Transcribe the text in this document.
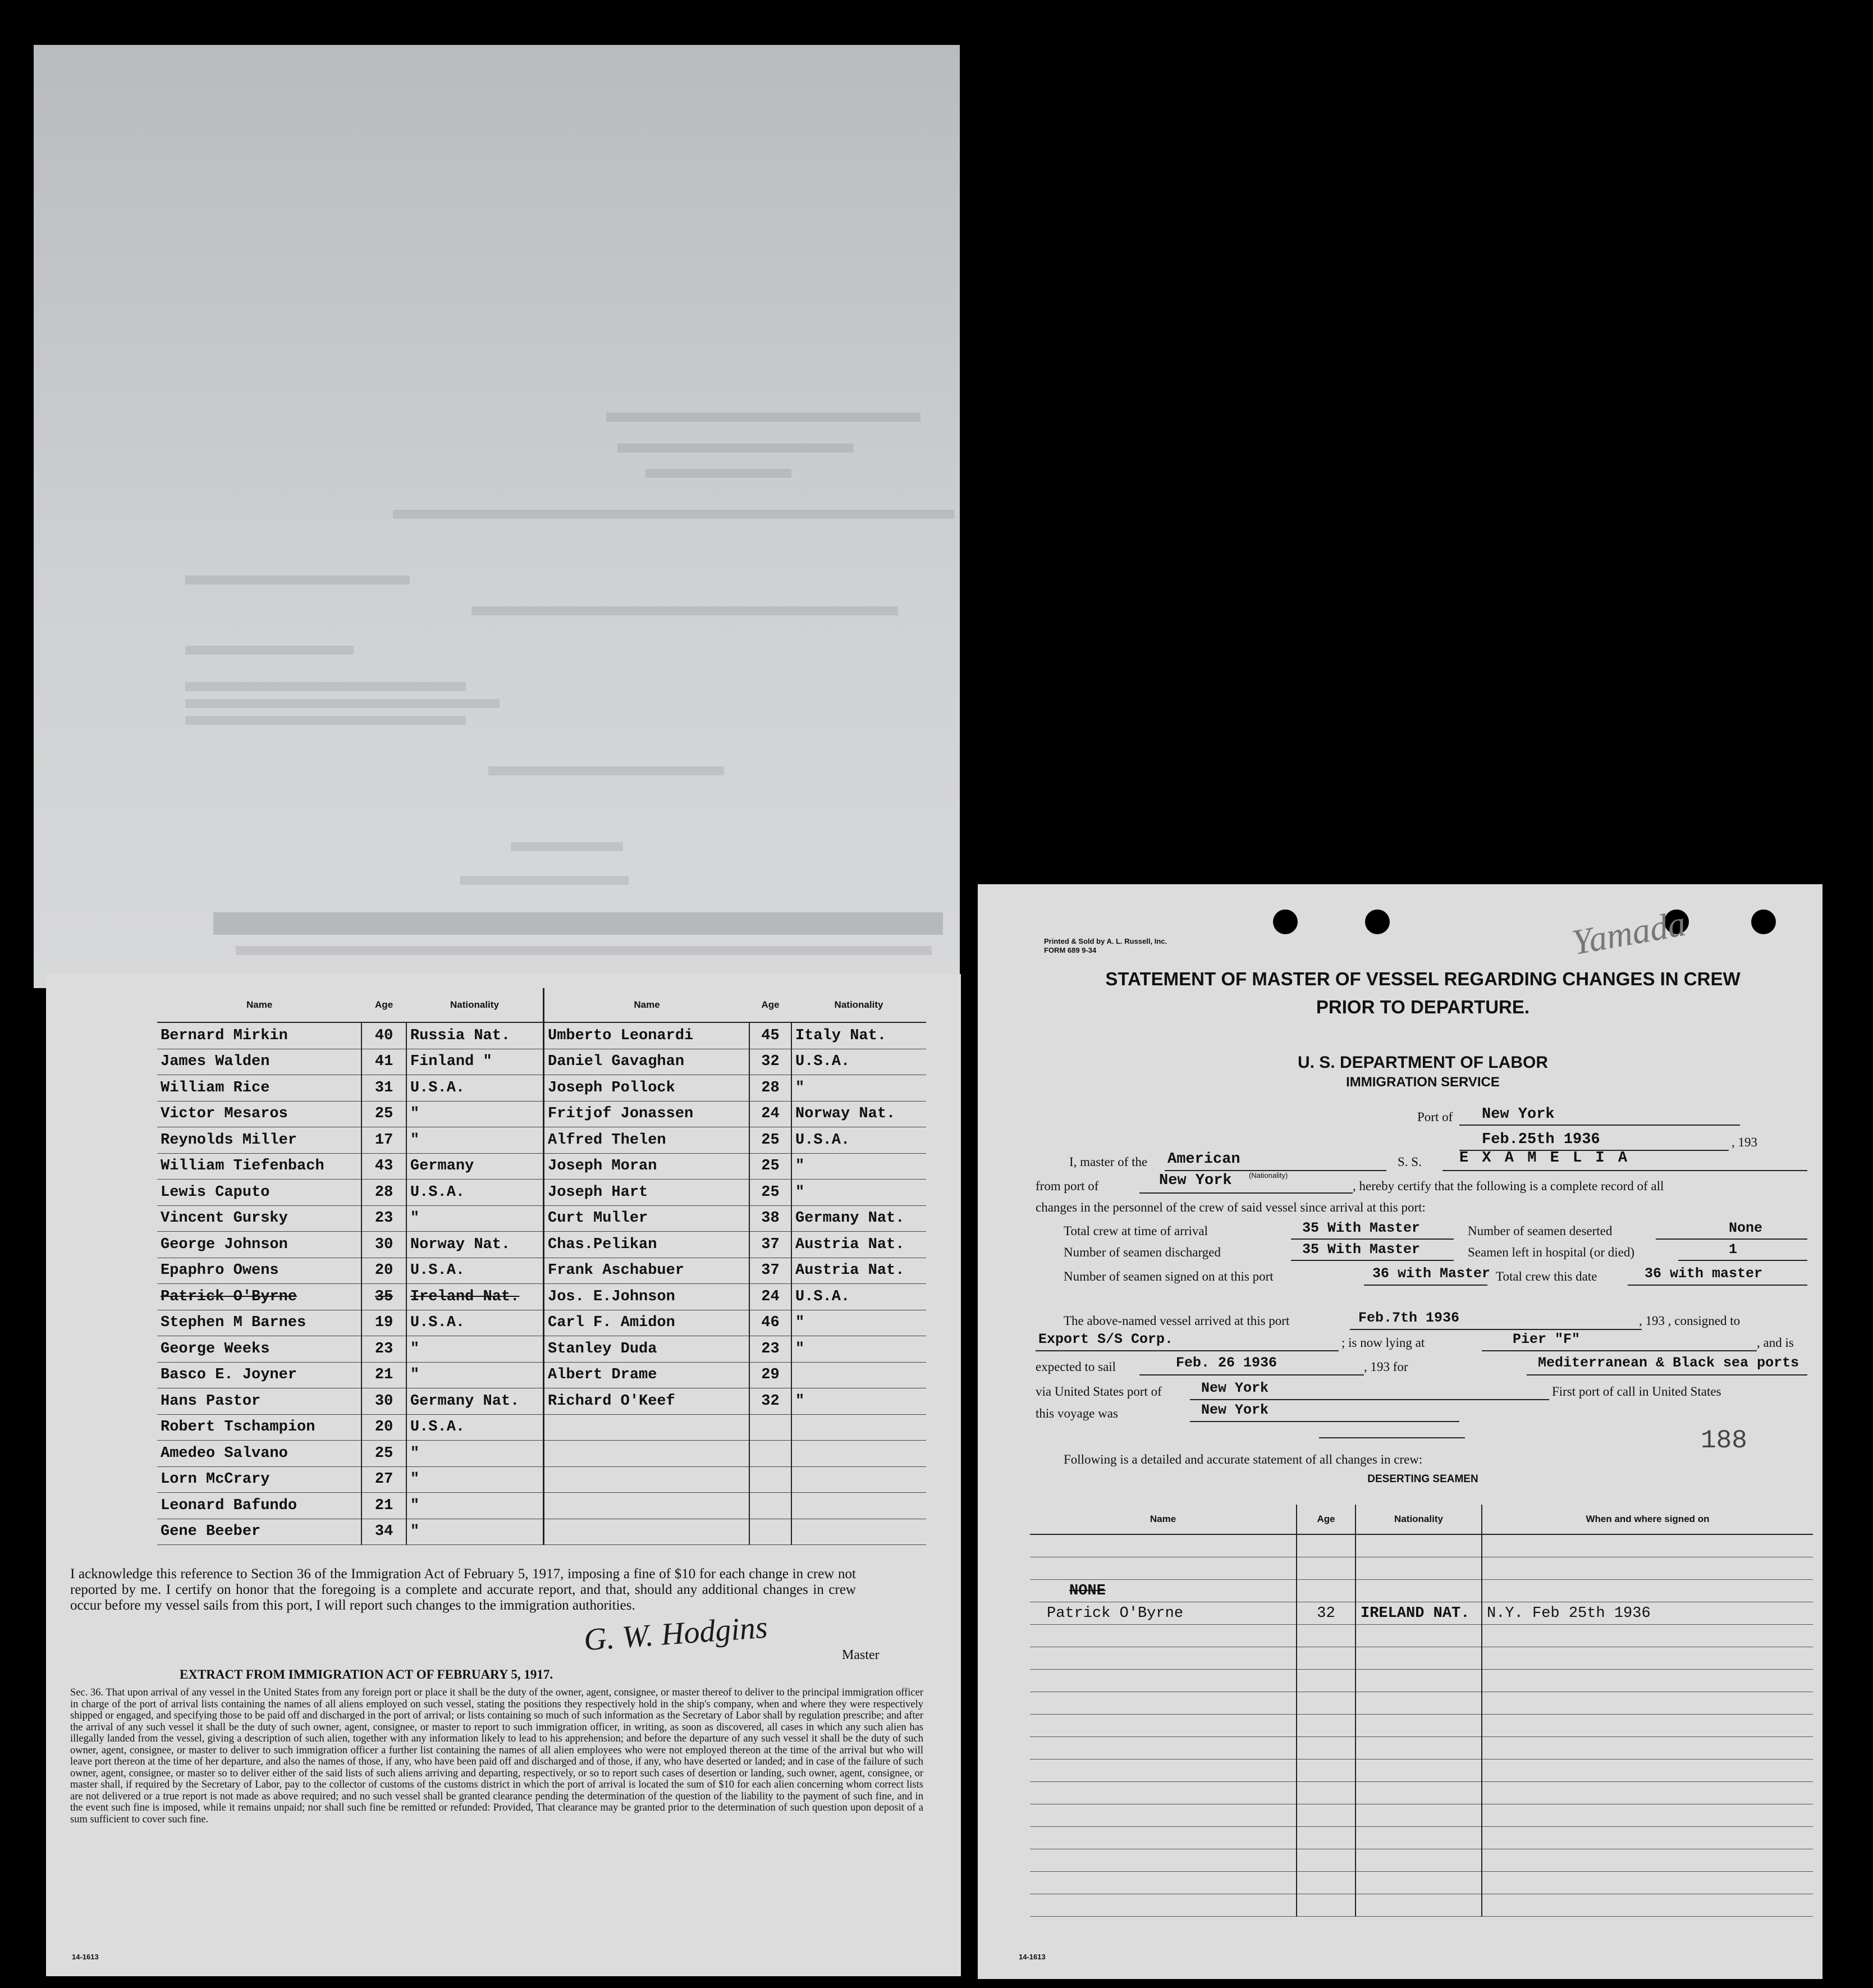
Name	Age	Nationality
Bernard Mirkin	40	Russia Nat.
James Walden	41	Finland "
William Rice	31	U.S.A.
Victor Mesaros	25	"
Reynolds Miller	17	"
William Tiefenbach	43	Germany
Lewis Caputo	28	U.S.A.
Vincent Gursky	23	"
George Johnson	30	Norway Nat.
Epaphro Owens	20	U.S.A.
Patrick O'Byrne	35	Ireland Nat.
Stephen M Barnes	19	U.S.A.
George Weeks	23	"
Basco E. Joyner	21	"
Hans Pastor	30	Germany Nat.
Robert Tschampion	20	U.S.A.
Amedeo Salvano	25	"
Lorn McCrary	27	"
Leonard Bafundo	21	"
Gene Beeber	34	"
Name	Age	Nationality
Umberto Leonardi	45	Italy Nat.
Daniel Gavaghan	32	U.S.A.
Joseph Pollock	28	"
Fritjof Jonassen	24	Norway Nat.
Alfred Thelen	25	U.S.A.
Joseph Moran	25	"
Joseph Hart	25	"
Curt Muller	38	Germany Nat.
Chas.Pelikan	37	Austria Nat.
Frank Aschabuer	37	Austria Nat.
Jos. E.Johnson	24	U.S.A.
Carl F. Amidon	46	"
Stanley Duda	23	"
Albert Drame	29	
Richard O'Keef	32	"

I acknowledge this reference to Section 36 of the Immigration Act of February 5, 1917, imposing a fine of $10 for each change in crew not reported by me. I certify on honor that the foregoing is a complete and accurate report, and that, should any additional changes in crew occur before my vessel sails from this port, I will report such changes to the immigration authorities.

G. W. Hodgins	Master
EXTRACT FROM IMMIGRATION ACT OF FEBRUARY 5, 1917.

Sec. 36. That upon arrival of any vessel in the United States from any foreign port or place it shall be the duty of the owner, agent, consignee, or master thereof to deliver to the principal immigration officer in charge of the port of arrival lists containing the names of all aliens employed on such vessel, stating the positions they respectively hold in the ship's company, when and where they were respectively shipped or engaged, and specifying those to be paid off and discharged in the port of arrival; or lists containing so much of such information as the Secretary of Labor shall by regulation prescribe; and after the arrival of any such vessel it shall be the duty of such owner, agent, consignee, or master to report to such immigration officer, in writing, as soon as discovered, all cases in which any such alien has illegally landed from the vessel, giving a description of such alien, together with any information likely to lead to his apprehension; and before the departure of any such vessel it shall be the duty of such owner, agent, consignee, or master to deliver to such immigration officer a further list containing the names of all alien employees who were not employed thereon at the time of the arrival but who will leave port thereon at the time of her departure, and also the names of those, if any, who have been paid off and discharged and of those, if any, who have deserted or landed; and in case of the failure of such owner, agent, consignee, or master so to deliver either of the said lists of such aliens arriving and departing, respectively, or so to report such cases of desertion or landing, such owner, agent, consignee, or master shall, if required by the Secretary of Labor, pay to the collector of customs of the customs district in which the port of arrival is located the sum of $10 for each alien concerning whom correct lists are not delivered or a true report is not made as above required; and no such vessel shall be granted clearance pending the determination of the question of the liability to the payment of such fine, and in the event such fine is imposed, while it remains unpaid; nor shall such fine be remitted or refunded: Provided, That clearance may be granted prior to the determination of such question upon deposit of a sum sufficient to cover such fine.

14-1613
Yamada
Printed & Sold by A. L. Russell, Inc.
FORM 689 9-34
STATEMENT OF MASTER OF VESSEL REGARDING CHANGES IN CREW
PRIOR TO DEPARTURE.
U. S. DEPARTMENT OF LABOR
IMMIGRATION SERVICE
Port of New York
Feb.25th 1936	, 193
I, master of the American	S. S. E X A M E L I A
from port of	New York (Nationality)
, hereby certify that the following is a complete record of all
changes in the personnel of the crew of said vessel since arrival at this port:
Total crew at time of arrival	35 With Master	Number of seamen deserted	None
Number of seamen discharged	35 With Master	Seamen left in hospital (or died)	1
Number of seamen signed on at this port	36 with Master Total crew this date	36 with master
The above-named vessel arrived at this port	Feb.7th 1936	, 193 , consigned to
Export S/S Corp.	; is now lying at	Pier "F"	, and is
expected to sail	Feb. 26 1936	, 193 for	Mediterranean & Black sea ports
via United States port of	New York	First port of call in United States
this voyage was	New York
188
Following is a detailed and accurate statement of all changes in crew:
DESERTING SEAMEN
Name	Age	Nationality	When and where signed on

NONE			
Patrick O'Byrne	32	IRELAND NAT.	N.Y. Feb 25th 1936

14-1613
